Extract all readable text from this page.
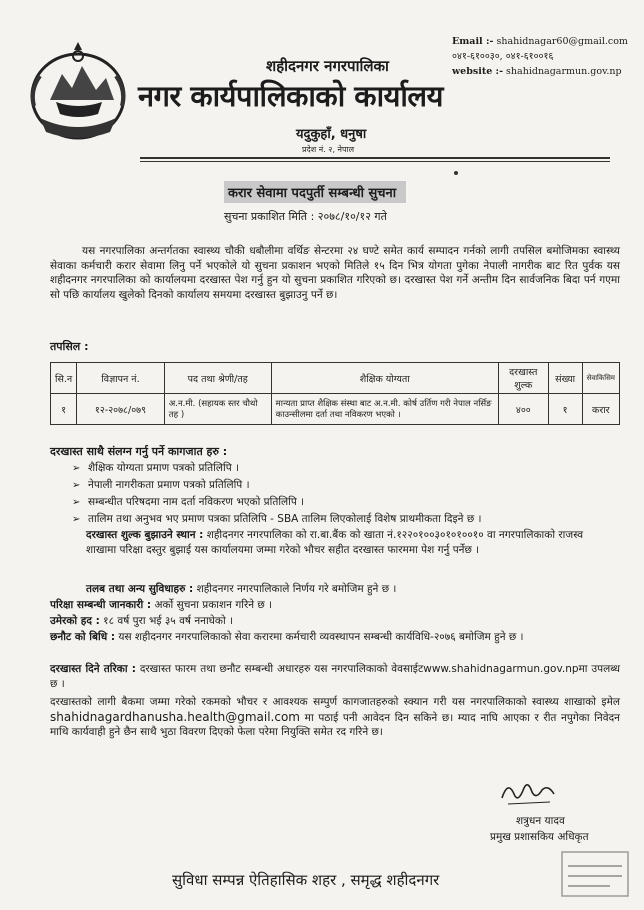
Email :- shahidnagar60@gmail.com
०४१-६१००३०, ०४१-६१००१६
website :- shahidnagarmun.gov.np
शहीदनगर नगरपालिका
नगर कार्यपालिकाको कार्यालय
यदुकुहाँ, धनुषा
प्रदेश नं. २, नेपाल
करार सेवामा पदपुर्ती सम्बन्धी सुचना
सुचना प्रकाशित मिति : २०७८/१०/१२ गते

यस नगरपालिका अन्तर्गतका स्वास्थ्य चौकी धबौलीमा वर्थिङ सेन्टरमा २४ घण्टे समेत कार्य सम्पादन गर्नको लागी तपसिल बमोजिमका स्वास्थ्य सेवाका कर्मचारी करार सेवामा लिनु पर्ने भएकोले यो सुचना प्रकाशन भएको मितिले १५ दिन भित्र योगता पुगेका नेपाली नागरीक बाट रित पुर्वक यस शहीदनगर नगरपालिका को कार्यालयमा दरखास्त पेश गर्नु हुन यो सुचना प्रकाशित गरिएको छ। दरखास्त पेश गर्ने अन्तीम दिन सार्वजनिक बिदा पर्न गएमा सो पछि कार्यालय खुलेको दिनको कार्यालय समयमा दरखास्त बुझाउनु पर्ने छ।

तपसिल :
सि.न	विज्ञापन नं.	पद तथा श्रेणी/तह	शैक्षिक योग्यता	दरखास्त शुल्क	संख्या	सेवाकिसिम
१	१२-२०७८/०७९	अ.न.मी. (सहायक स्तर चौथो तह )	मान्यता प्राप्त शैक्षिक संस्था बाट अ.न.मी. कोर्ष उर्तिण गरी नेपाल नर्सिङ काउन्सीलमा दर्ता तथा नविकरण भएको ।	४००	१	करार
दरखास्त साथै संलग्न गर्नु पर्ने कागजात हरु :
➢ शैक्षिक योग्यता प्रमाण पत्रको प्रतिलिपि ।
➢ नेपाली नागरीकता प्रमाण पत्रको प्रतिलिपि ।
➢ सम्बन्धीत परिषदमा नाम दर्ता नविकरण भएको प्रतिलिपि ।
➢ तालिम तथा अनुभव भए प्रमाण पत्रका प्रतिलिपि - SBA तालिम लिएकोलाई विशेष प्राथमीकता दिइने छ ।
दरखास्त शुल्क बुझाउने स्थान : शहीदनगर नगरपालिका को रा.बा.बैंक को खाता नं.१२२०१००३०१०१००१० वा नगरपालिकाको राजस्व शाखामा परिक्षा दस्तुर बुझाई यस कार्यालयमा जम्मा गरेको भौचर सहीत दरखास्त फारममा पेश गर्नु पर्नेछ ।
तलब तथा अन्य सुविधाहरु : शहीदनगर नगरपालिकाले निर्णय गरे बमोजिम हुने छ ।
परिक्षा सम्बन्धी जानकारी : अर्को सुचना प्रकाशन गरिने छ ।
उमेरको हद : १८ वर्ष पुरा भई ३५ वर्ष ननाघेको ।
छनौट को बिधि : यस शहीदनगर नगरपालिकाको सेवा करारमा कर्मचारी व्यवस्थापन सम्बन्धी कार्यविधि-२०७६ बमोजिम हुने छ ।
दरखास्त दिने तरिका : दरखास्त फारम तथा छनौट सम्बन्धी अधारहरु यस नगरपालिकाको वेवसाईटwww.shahidnagarmun.gov.npमा उपलब्ध छ ।
दरखास्तको लागी बैकमा जम्मा गरेको रकमको भौचर र आवश्यक सम्पुर्ण कागजातहरुको स्क्यान गरी यस नगरपालिकाको स्वास्थ्य शाखाको इमेल shahidnagardhanusha.health@gmail.com मा पठाई पनी आवेदन दिन सकिने छ। म्याद नाघि आएका र रीत नपुगेका निवेदन माथि कार्यवाही हुने छैन साथै भुठा विवरण दिएको फेला परेमा नियुक्ति समेत रद गरिने छ।
शत्रुधन यादव
प्रमुख प्रशासकिय अधिकृत
सुविधा सम्पन्न ऐतिहासिक शहर , समृद्ध शहीदनगर
